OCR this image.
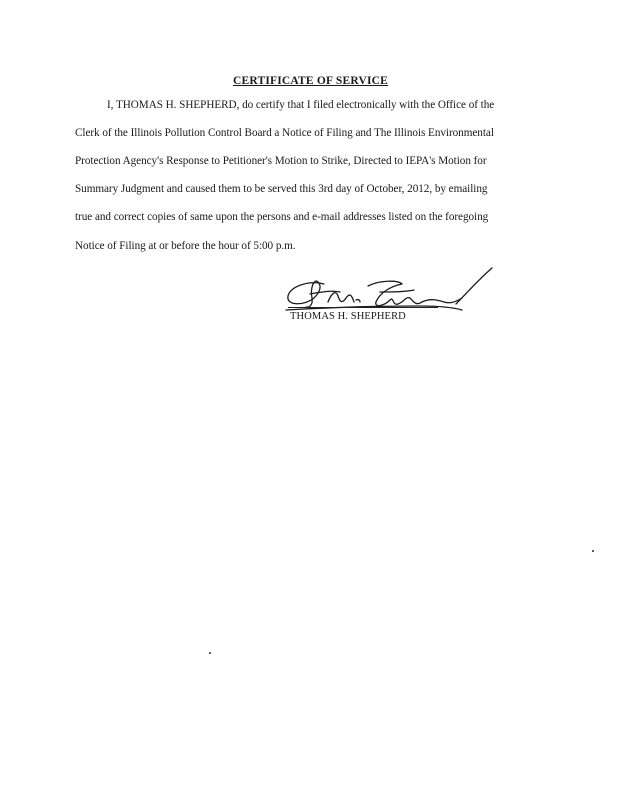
CERTIFICATE OF SERVICE
I, THOMAS H. SHEPHERD, do certify that I filed electronically with the Office of the
Clerk of the Illinois Pollution Control Board a Notice of Filing and The Illinois Environmental
Protection Agency's Response to Petitioner's Motion to Strike, Directed to IEPA's Motion for
Summary Judgment and caused them to be served this 3rd day of October, 2012, by emailing
true and correct copies of same upon the persons and e-mail addresses listed on the foregoing
Notice of Filing at or before the hour of 5:00 p.m.
THOMAS H. SHEPHERD
